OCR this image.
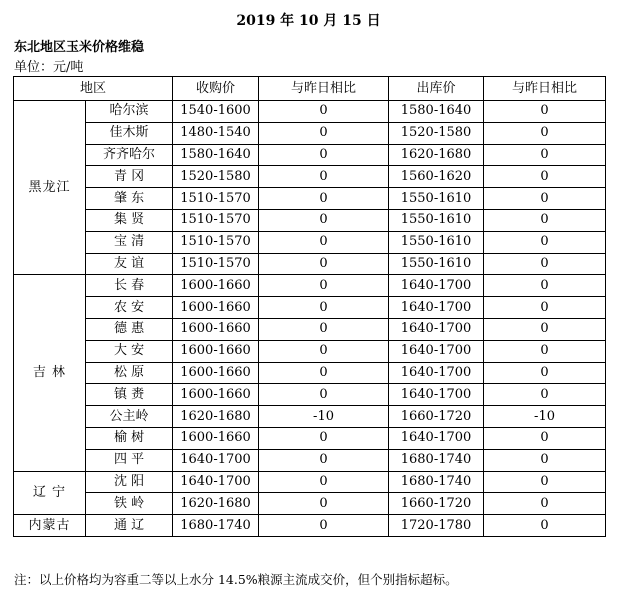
2019 年 10 月 15 日
东北地区玉米价格维稳
单位：元/吨
地区		收购价	与昨日相比	出库价	与昨日相比
黑龙江	哈尔滨	1540-1600	0	1580-1640	0
	佳木斯	1480-1540	0	1520-1580	0
	齐齐哈尔	1580-1640	0	1620-1680	0
	青 冈	1520-1580	0	1560-1620	0
	肇 东	1510-1570	0	1550-1610	0
	集 贤	1510-1570	0	1550-1610	0
	宝 清	1510-1570	0	1550-1610	0
	友 谊	1510-1570	0	1550-1610	0
吉 林	长 春	1600-1660	0	1640-1700	0
	农 安	1600-1660	0	1640-1700	0
	德 惠	1600-1660	0	1640-1700	0
	大 安	1600-1660	0	1640-1700	0
	松 原	1600-1660	0	1640-1700	0
	镇 赉	1600-1660	0	1640-1700	0
	公主岭	1620-1680	-10	1660-1720	-10
	榆 树	1600-1660	0	1640-1700	0
	四 平	1640-1700	0	1680-1740	0
辽 宁	沈 阳	1640-1700	0	1680-1740	0
	铁 岭	1620-1680	0	1660-1720	0
内蒙古	通 辽	1680-1740	0	1720-1780	0
注：以上价格均为容重二等以上水分 14.5%粮源主流成交价，但个别指标超标。
